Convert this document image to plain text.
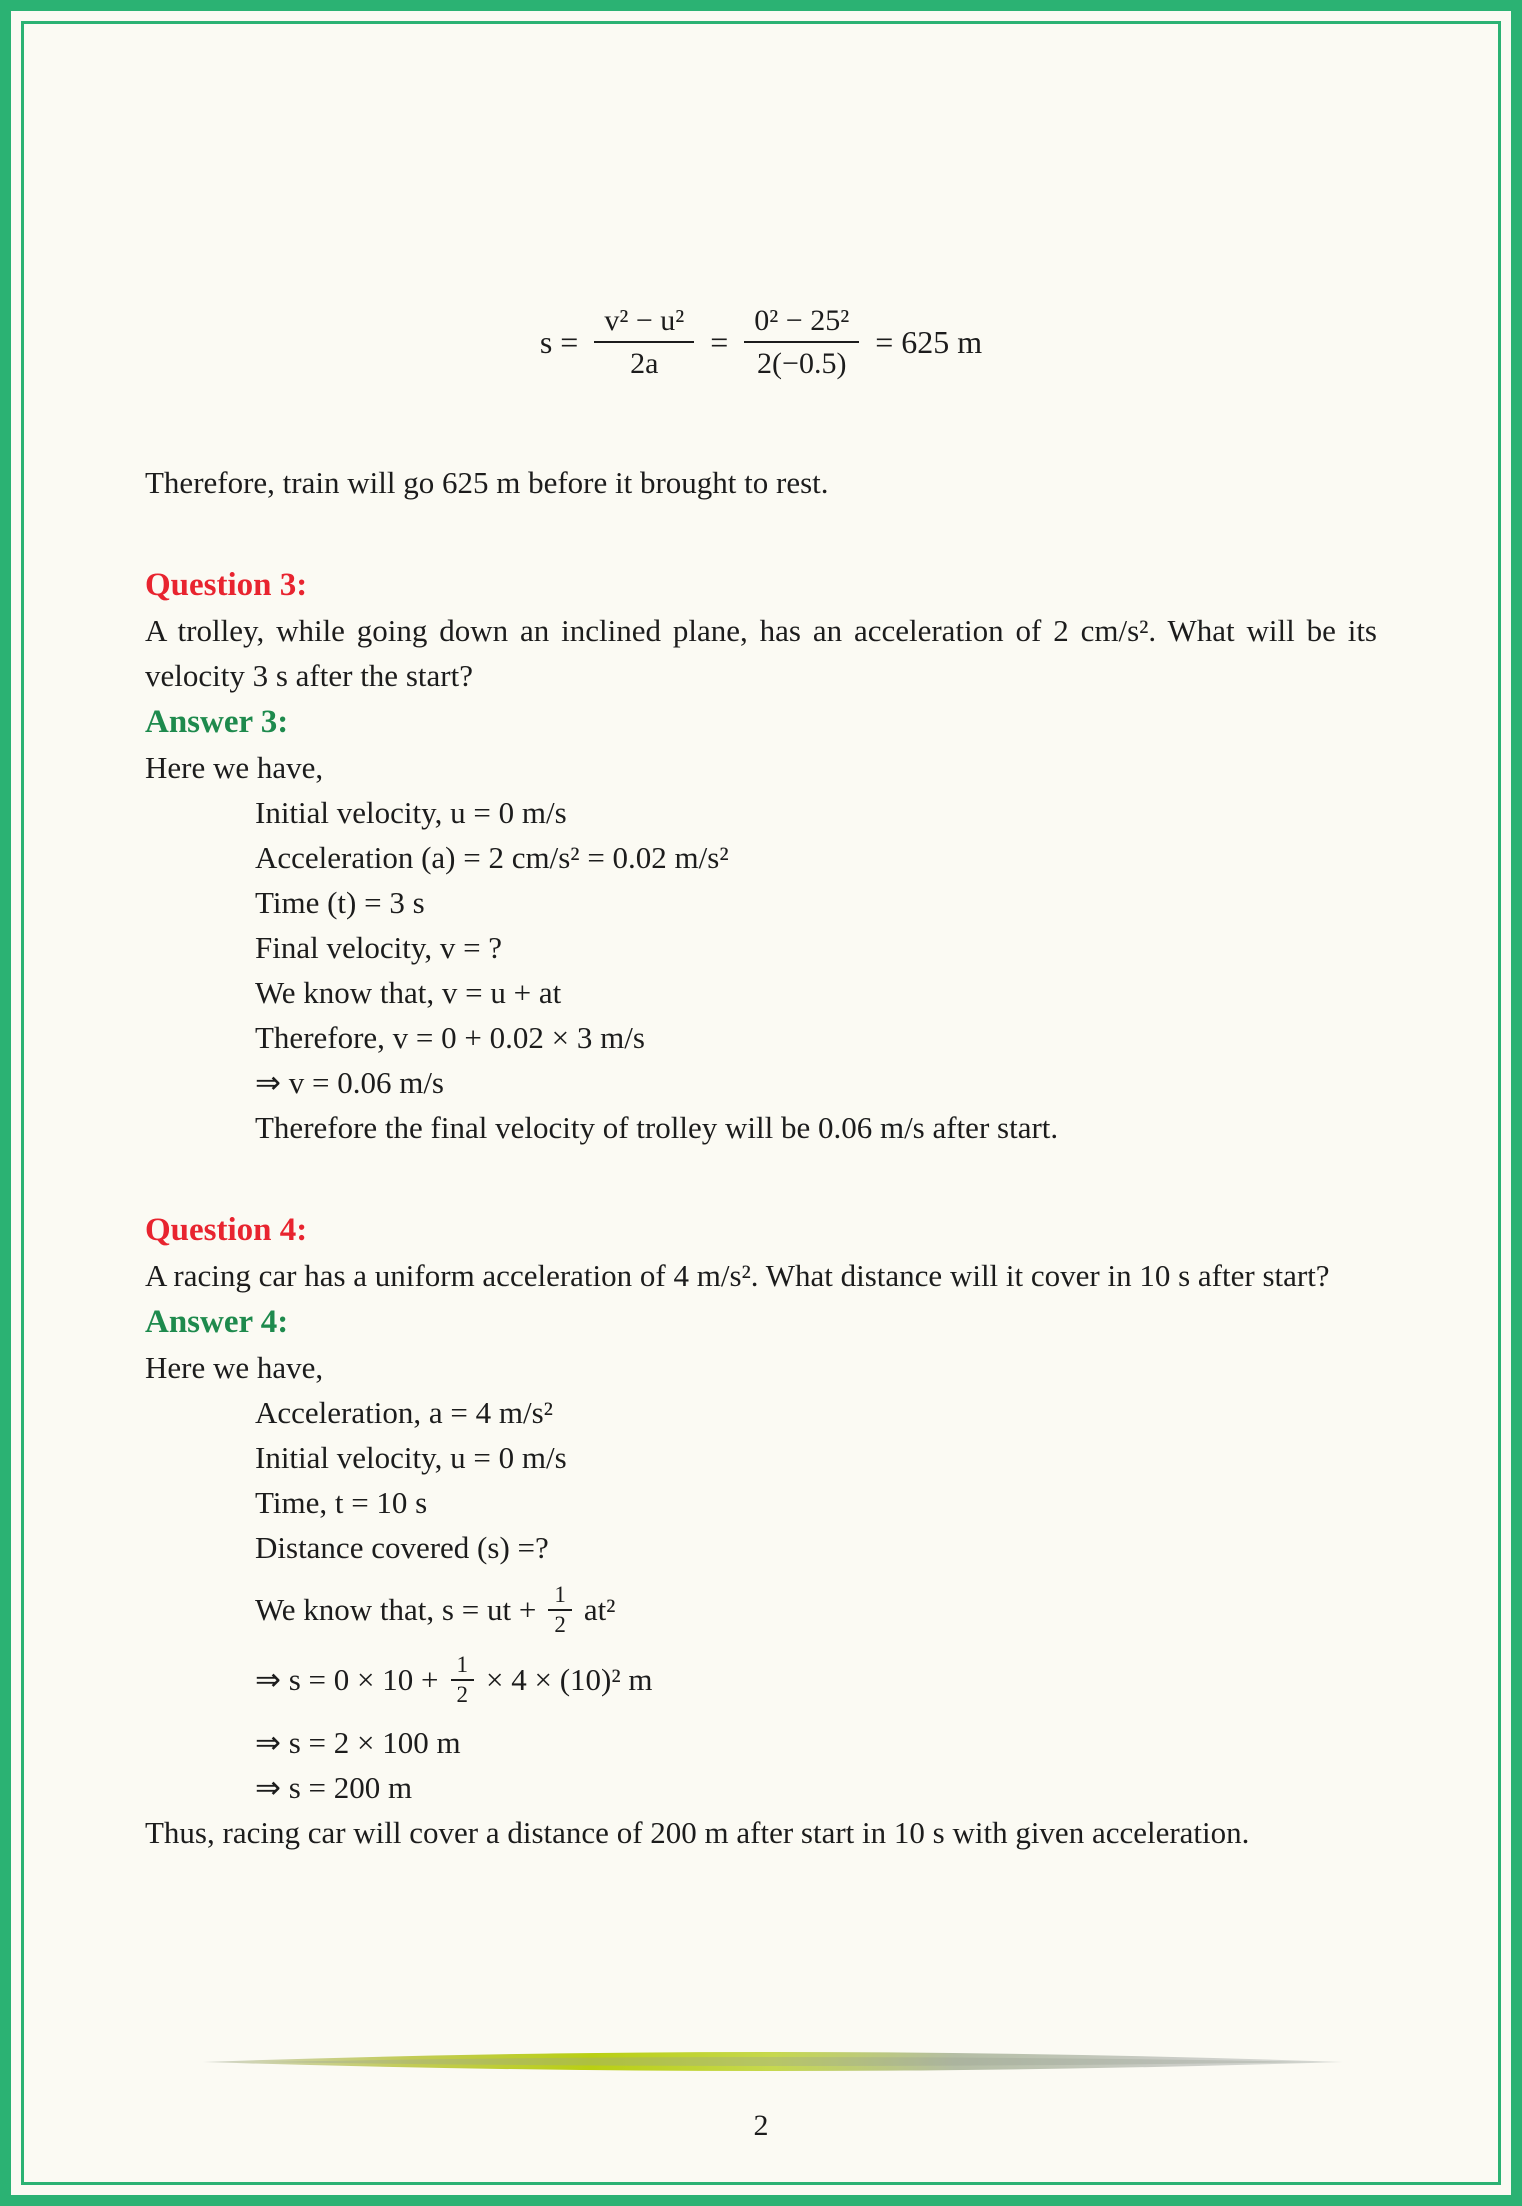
$s = \frac{\text{v² − u²}}{2a} = \frac{\text{0² − 25²}}{2(-0.5)} = 625$ m

Therefore, train will go 625 m before it brought to rest.

Question 3:

A trolley, while going down an inclined plane, has an acceleration of 2 cm/s². What will be its velocity 3 s after the start?

Answer 3:

Here we have,

Initial velocity, u = 0 m/s
Acceleration (a) = 2 cm/s² = 0.02 m/s²
Time (t) = 3 s
Final velocity, v = ?
We know that, v = u + at
Therefore, v = 0 + 0.02 × 3 m/s
⇒ v = 0.06 m/s
Therefore the final velocity of trolley will be 0.06 m/s after start.
Question 4:

A racing car has a uniform acceleration of 4 m/s². What distance will it cover in 10 s after start?

Answer 4:

Here we have,

Acceleration, a = 4 m/s²
Initial velocity, u = 0 m/s
Time, t = 10 s
Distance covered (s) =?
We know that, s = ut + $\frac{1}{2} at^2$
⇒ $s = 0 \times 10 + \frac{1}{2} \times 4 \times (10)^2$ m
⇒ s = 2 × 100 m
⇒ s = 200 m

Thus, racing car will cover a distance of 200 m after start in 10 s with given acceleration.

2
